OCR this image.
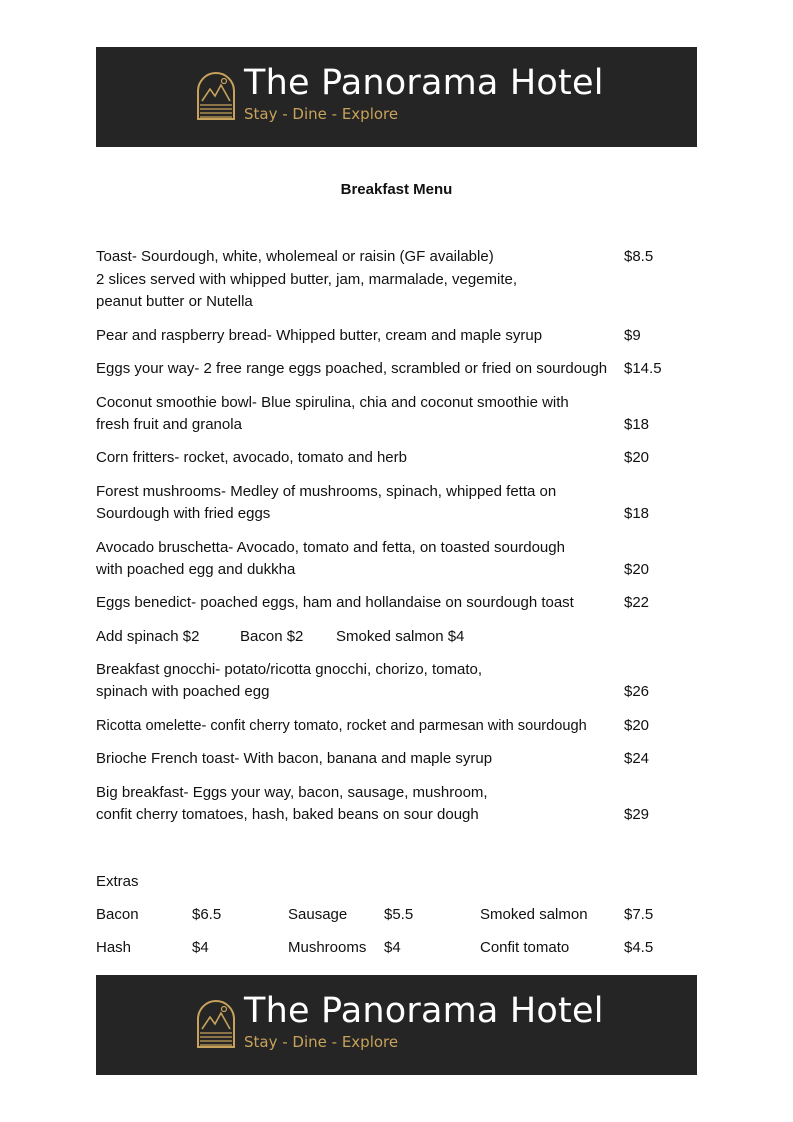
The Panorama Hotel
Stay - Dine - Explore
Breakfast Menu
Toast- Sourdough, white, wholemeal or raisin (GF available)
2 slices served with whipped butter, jam, marmalade, vegemite,
peanut butter or Nutella
$8.5
Pear and raspberry bread- Whipped butter, cream and maple syrup	$9
Eggs your way- 2 free range eggs poached, scrambled or fried on sourdough $14.5
Coconut smoothie bowl- Blue spirulina, chia and coconut smoothie with
fresh fruit and granola	$18
Corn fritters- rocket, avocado, tomato and herb	$20
Forest mushrooms- Medley of mushrooms, spinach, whipped fetta on
Sourdough with fried eggs	$18
Avocado bruschetta- Avocado, tomato and fetta, on toasted sourdough
with poached egg and dukkha	$20
Eggs benedict- poached eggs, ham and hollandaise on sourdough toast	$22
Add spinach $2	Bacon $2 Smoked salmon $4
Breakfast gnocchi- potato/ricotta gnocchi, chorizo, tomato,
spinach with poached egg	$26
Ricotta omelette- confit cherry tomato, rocket and parmesan with sourdough $20
Brioche French toast- With bacon, banana and maple syrup	$24
Big breakfast- Eggs your way, bacon, sausage, mushroom,
confit cherry tomatoes, hash, baked beans on sour dough	$29
Extras
Bacon	$6.5	Sausage $5.5	Smoked salmon $7.5
Hash	$4	Mushrooms $4	Confit tomato	$4.5
The Panorama Hotel
Stay - Dine - Explore
